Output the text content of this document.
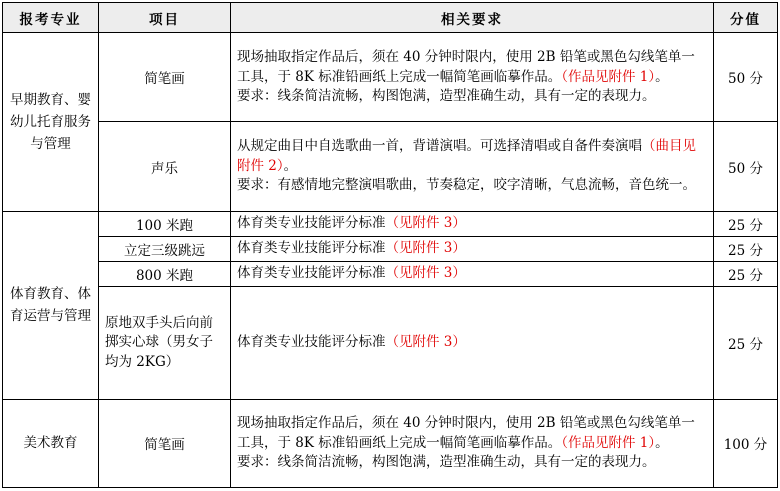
报考专业	项目	相关要求	分值
早期教育、婴幼儿托育服务与管理	简笔画	现场抽取指定作品后，须在 40 分钟时限内，使用 2B 铅笔或黑色勾线笔单一工具，于 8K 标准铅画纸上完成一幅简笔画临摹作品。（作品见附件 1）。
要求：线条简洁流畅，构图饱满，造型准确生动，具有一定的表现力。	50 分
	声乐	从规定曲目中自选歌曲一首，背谱演唱。可选择清唱或自备件奏演唱（曲目见附件 2）。
要求：有感情地完整演唱歌曲，节奏稳定，咬字清晰，气息流畅，音色统一。	50 分
体育教育、体育运营与管理	100 米跑	体育类专业技能评分标准（见附件 3）	25 分
	立定三级跳远	体育类专业技能评分标准（见附件 3）	25 分
	800 米跑	体育类专业技能评分标准（见附件 3）	25 分
	原地双手头后向前掷实心球（男女子均为 2KG）	体育类专业技能评分标准（见附件 3）	25 分
美术教育	简笔画	现场抽取指定作品后，须在 40 分钟时限内，使用 2B 铅笔或黑色勾线笔单一工具，于 8K 标准铅画纸上完成一幅简笔画临摹作品。（作品见附件 1）。
要求：线条简洁流畅，构图饱满，造型准确生动，具有一定的表现力。	100 分
